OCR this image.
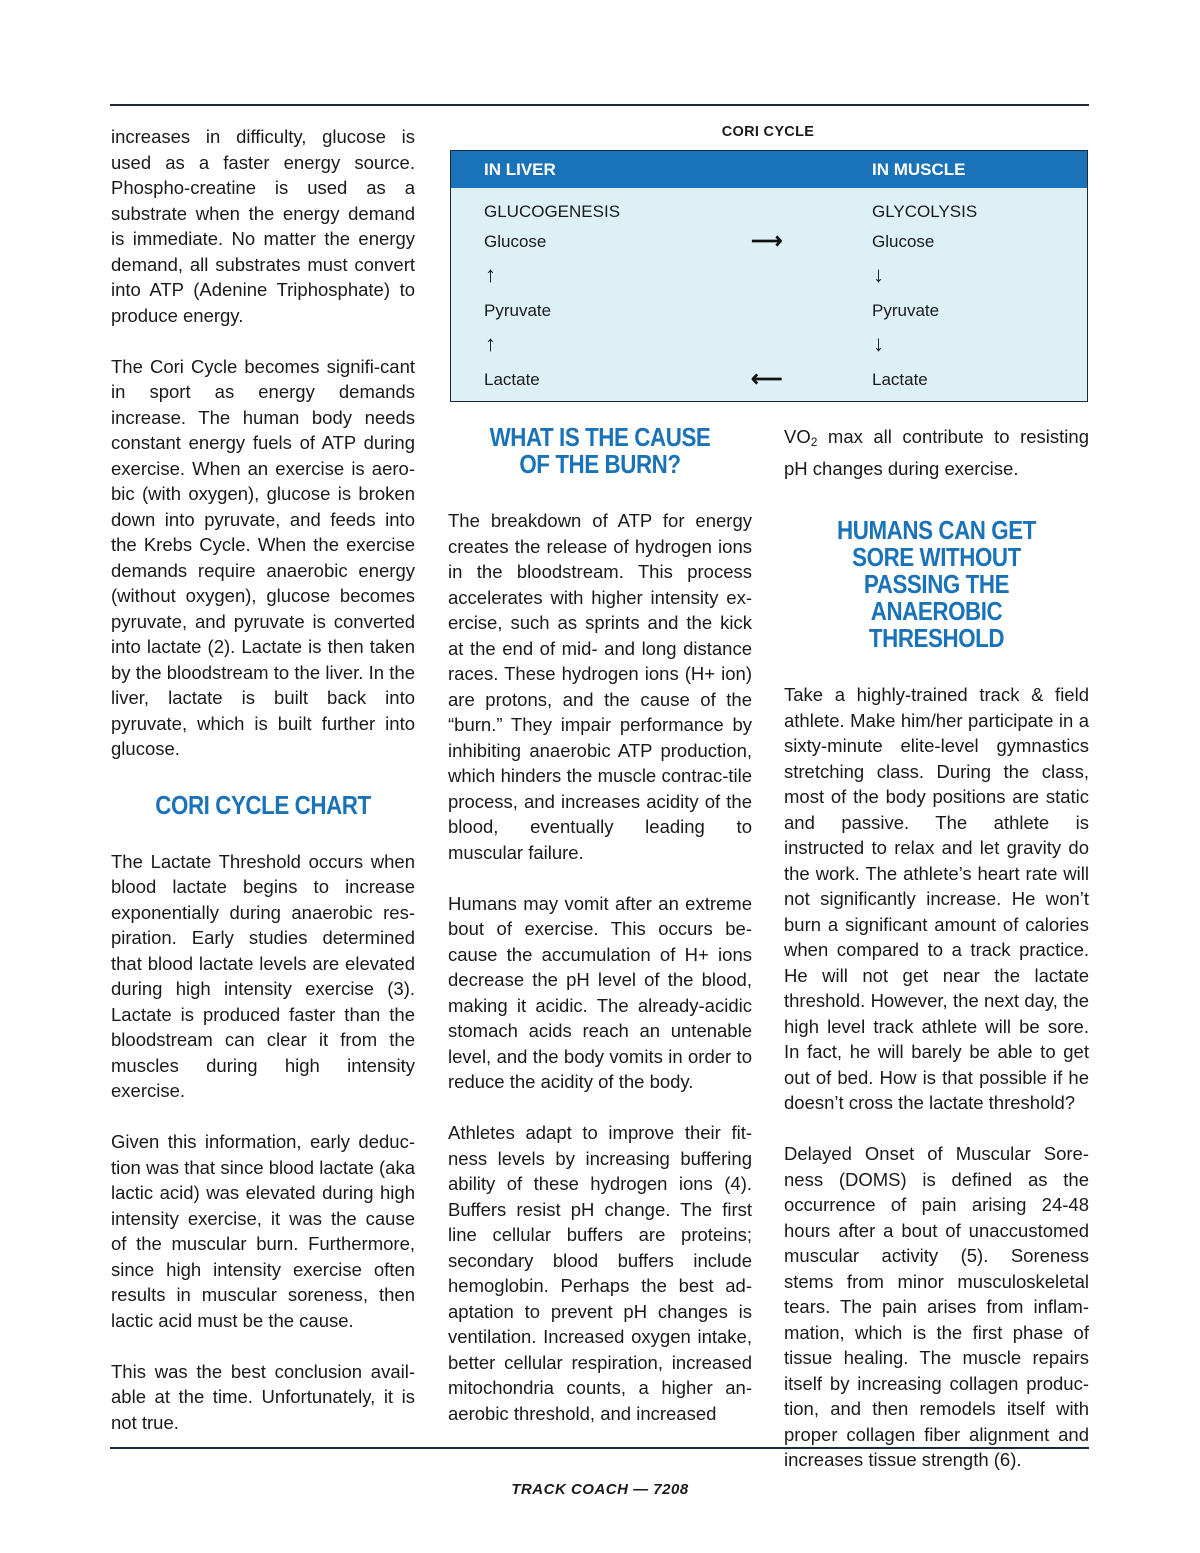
increases in difficulty, glucose is used as a faster energy source. Phospho-creatine is used as a substrate when the energy demand is immediate. No matter the energy demand, all substrates must convert into ATP (Adenine Triphosphate) to produce energy.

The Cori Cycle becomes signifi-cant in sport as energy demands increase. The human body needs constant energy fuels of ATP during exercise. When an exercise is aero-bic (with oxygen), glucose is broken down into pyruvate, and feeds into the Krebs Cycle. When the exercise demands require anaerobic energy (without oxygen), glucose becomes pyruvate, and pyruvate is converted into lactate (2). Lactate is then taken by the bloodstream to the liver. In the liver, lactate is built back into pyruvate, which is built further into glucose.

CORI CYCLE CHART

The Lactate Threshold occurs when blood lactate begins to increase exponentially during anaerobic res-piration. Early studies determined that blood lactate levels are elevated during high intensity exercise (3). Lactate is produced faster than the bloodstream can clear it from the muscles during high intensity exercise.

Given this information, early deduc-tion was that since blood lactate (aka lactic acid) was elevated during high intensity exercise, it was the cause of the muscular burn. Furthermore, since high intensity exercise often results in muscular soreness, then lactic acid must be the cause.

This was the best conclusion avail-able at the time. Unfortunately, it is not true.

CORI CYCLE
IN LIVER	IN MUSCLE
GLUCOGENESIS
Glucose
↑
Pyruvate
↑
Lactate
⟶
⟵
GLYCOLYSIS
Glucose
↓
Pyruvate
↓
Lactate
WHAT IS THE CAUSE OF THE BURN?

The breakdown of ATP for energy creates the release of hydrogen ions in the bloodstream. This process accelerates with higher intensity ex-ercise, such as sprints and the kick at the end of mid- and long distance races. These hydrogen ions (H+ ion) are protons, and the cause of the “burn.” They impair performance by inhibiting anaerobic ATP production, which hinders the muscle contrac-tile process, and increases acidity of the blood, eventually leading to muscular failure.

Humans may vomit after an extreme bout of exercise. This occurs be-cause the accumulation of H+ ions decrease the pH level of the blood, making it acidic. The already-acidic stomach acids reach an untenable level, and the body vomits in order to reduce the acidity of the body.

Athletes adapt to improve their fit-ness levels by increasing buffering ability of these hydrogen ions (4). Buffers resist pH change. The first line cellular buffers are proteins; secondary blood buffers include hemoglobin. Perhaps the best ad-aptation to prevent pH changes is ventilation. Increased oxygen intake, better cellular respiration, increased mitochondria counts, a higher an-aerobic threshold, and increased

$VO_2$ max all contribute to resisting pH changes during exercise.

HUMANS CAN GET SORE WITHOUT PASSING THE ANAEROBIC THRESHOLD

Take a highly-trained track & field athlete. Make him/her participate in a sixty-minute elite-level gymnastics stretching class. During the class, most of the body positions are static and passive. The athlete is instructed to relax and let gravity do the work. The athlete’s heart rate will not significantly increase. He won’t burn a significant amount of calories when compared to a track practice. He will not get near the lactate threshold. However, the next day, the high level track athlete will be sore. In fact, he will barely be able to get out of bed. How is that possible if he doesn’t cross the lactate threshold?

Delayed Onset of Muscular Sore-ness (DOMS) is defined as the occurrence of pain arising 24-48 hours after a bout of unaccustomed muscular activity (5). Soreness stems from minor musculoskeletal tears. The pain arises from inflam-mation, which is the first phase of tissue healing. The muscle repairs itself by increasing collagen produc-tion, and then remodels itself with proper collagen fiber alignment and increases tissue strength (6).

TRACK COACH — 7208
